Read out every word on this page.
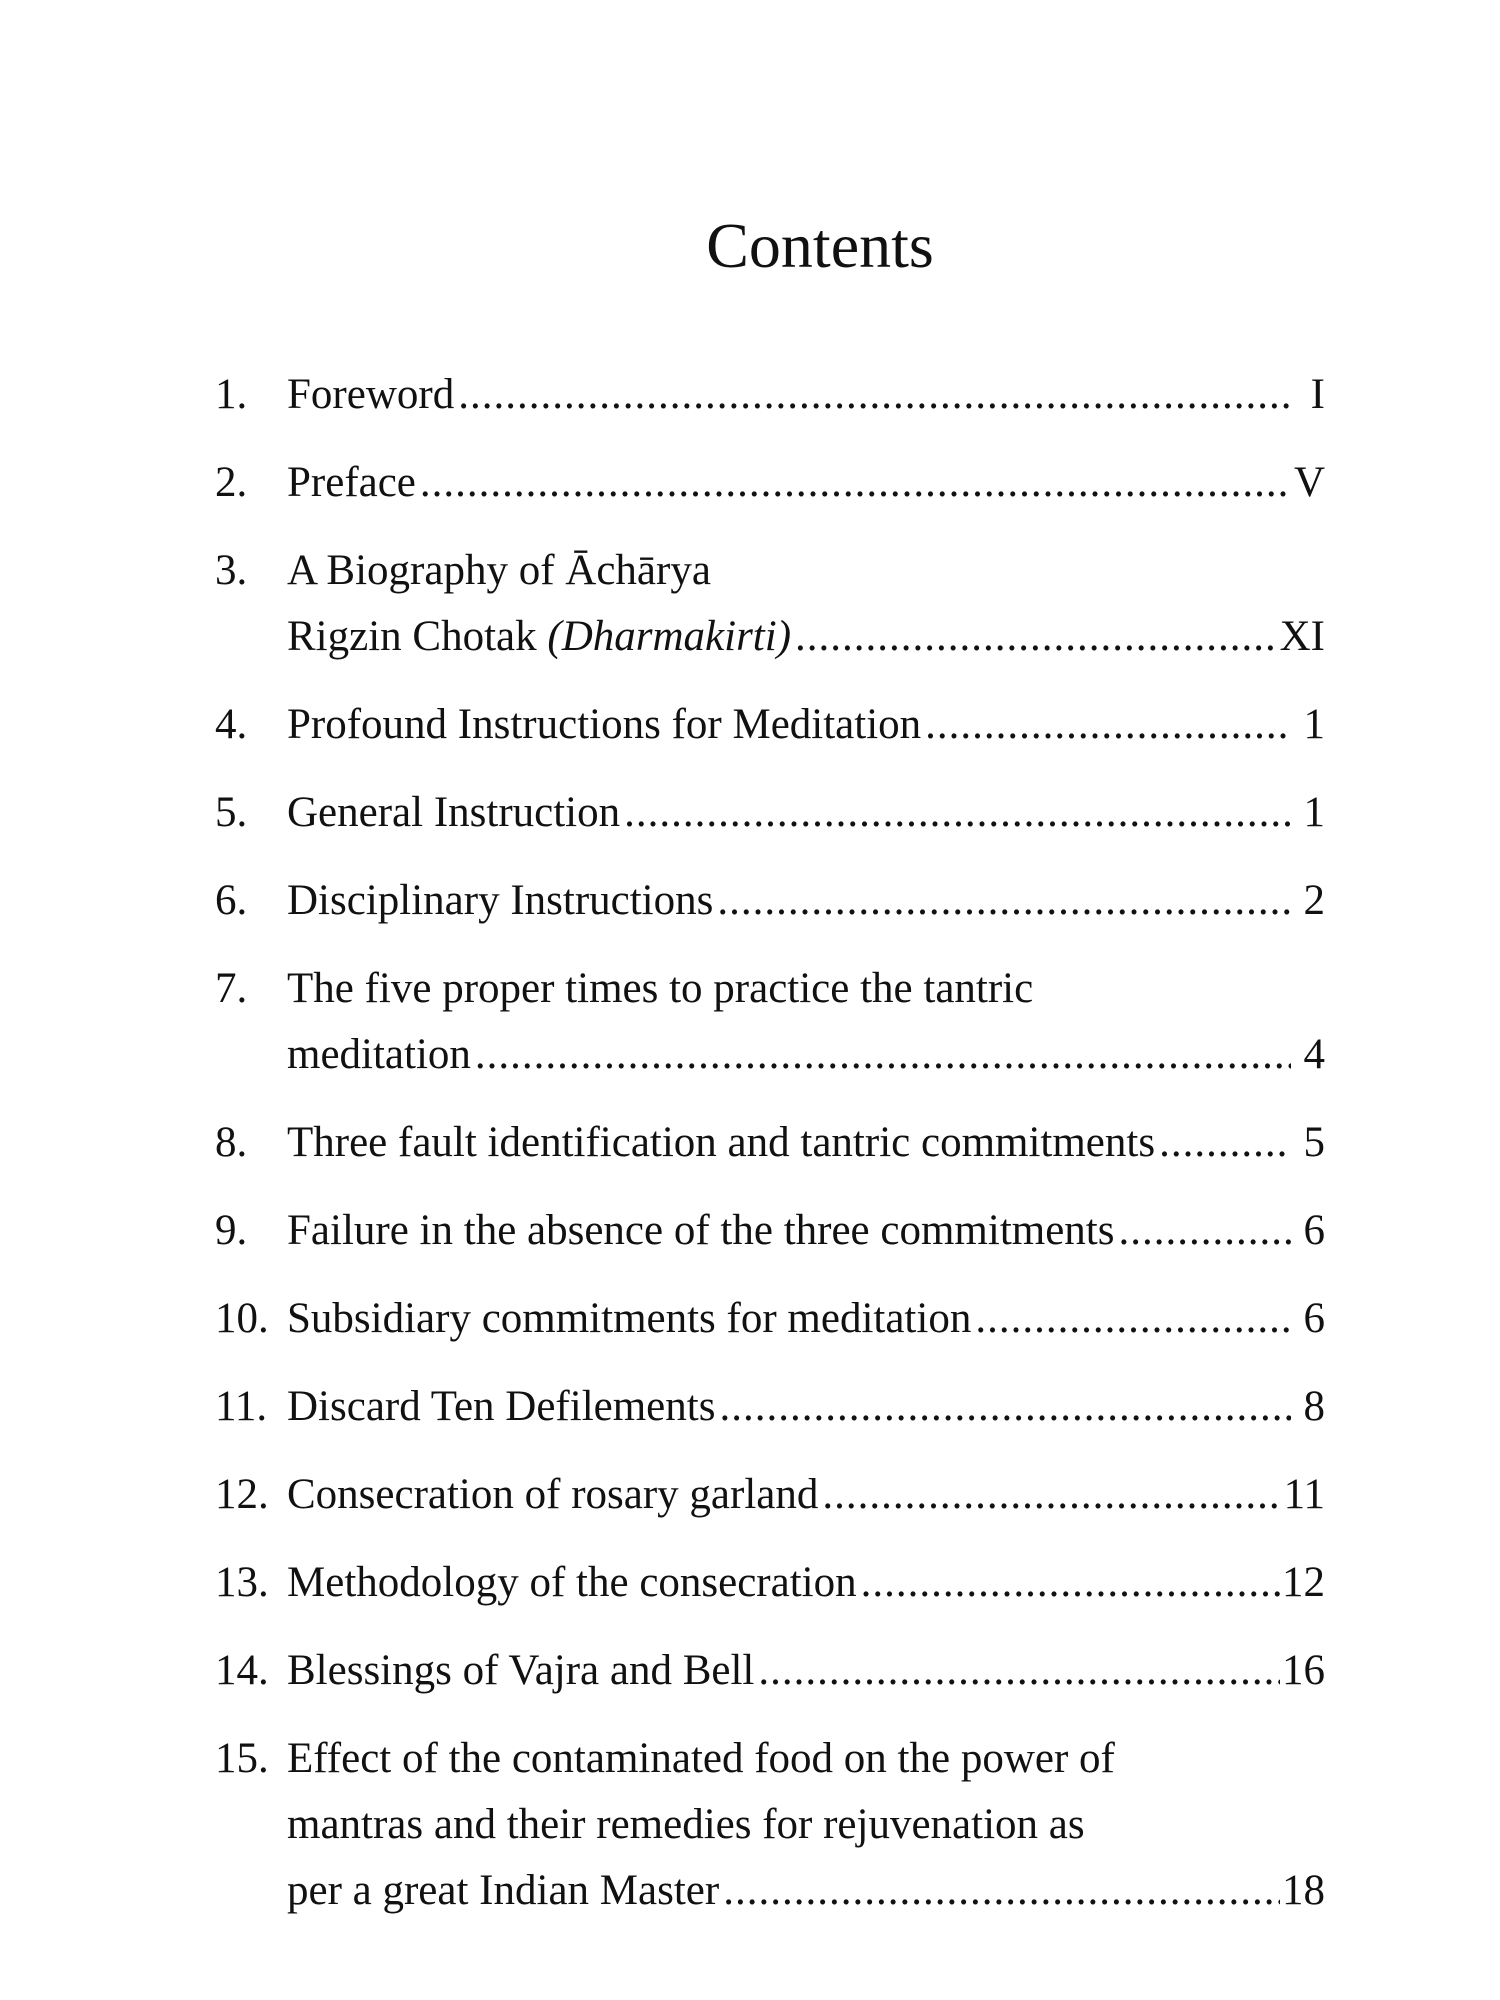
Contents
1. Foreword .....	I
2. Preface .....	V
3. A Biography of Āchārya
Rigzin Chotak (Dharmakirti) .....	XI
4. Profound Instructions for Meditation .....	1
5. General Instruction .....	1
6. Disciplinary Instructions .....	2
7. The five proper times to practice the tantric
meditation .....	4
8. Three fault identification and tantric commitments .....	5
9. Failure in the absence of the three commitments .....	6
10. Subsidiary commitments for meditation .....	6
11. Discard Ten Defilements .....	8
12. Consecration of rosary garland .....	11
13. Methodology of the consecration .....	12
14. Blessings of Vajra and Bell .....	16
15. Effect of the contaminated food on the power of
mantras and their remedies for rejuvenation as
per a great Indian Master .....	18
